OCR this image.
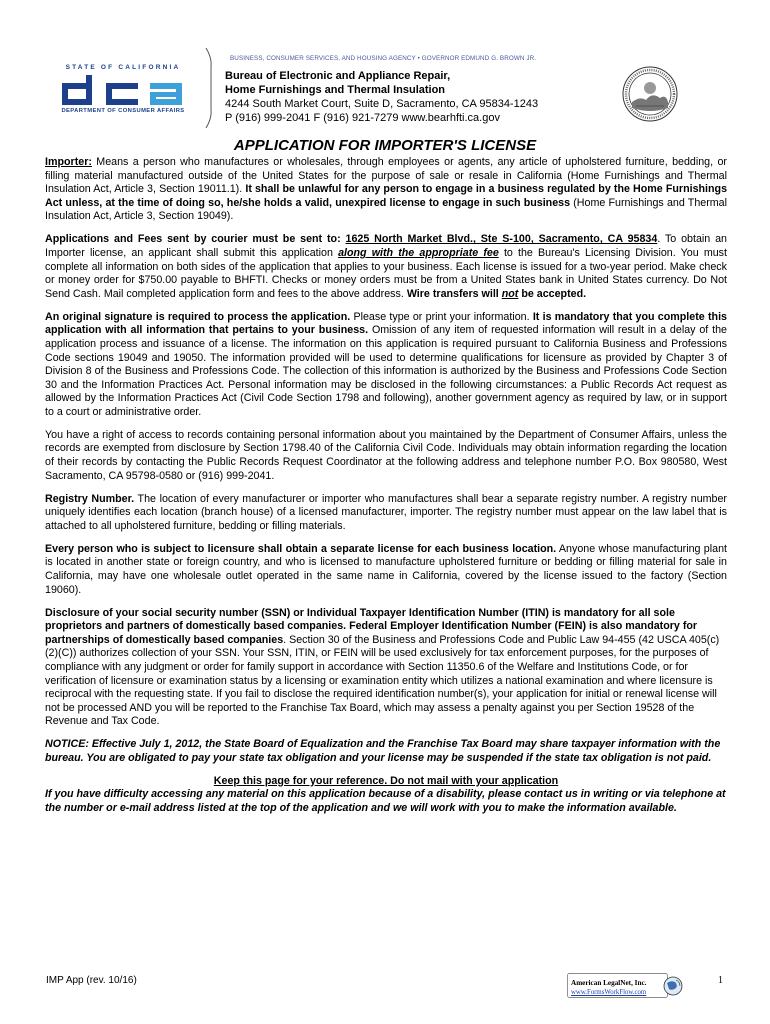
STATE OF CALIFORNIA
DEPARTMENT OF CONSUMER AFFAIRS
BUSINESS, CONSUMER SERVICES, AND HOUSING AGENCY • GOVERNOR EDMUND G. BROWN JR.
Bureau of Electronic and Appliance Repair,
Home Furnishings and Thermal Insulation
4244 South Market Court, Suite D, Sacramento, CA 95834-1243
P (916) 999-2041 F (916) 921-7279 www.bearhfti.ca.gov
APPLICATION FOR IMPORTER'S LICENSE

Importer: Means a person who manufactures or wholesales, through employees or agents, any article of upholstered furniture, bedding, or filling material manufactured outside of the United States for the purpose of sale or resale in California (Home Furnishings and Thermal Insulation Act, Article 3, Section 19011.1). It shall be unlawful for any person to engage in a business regulated by the Home Furnishings Act unless, at the time of doing so, he/she holds a valid, unexpired license to engage in such business (Home Furnishings and Thermal Insulation Act, Article 3, Section 19049).

Applications and Fees sent by courier must be sent to: 1625 North Market Blvd., Ste S-100, Sacramento, CA 95834. To obtain an Importer license, an applicant shall submit this application along with the appropriate fee to the Bureau's Licensing Division. You must complete all information on both sides of the application that applies to your business. Each license is issued for a two-year period. Make check or money order for $750.00 payable to BHFTI. Checks or money orders must be from a United States bank in United States currency. Do Not Send Cash. Mail completed application form and fees to the above address. Wire transfers will not be accepted.

An original signature is required to process the application. Please type or print your information. It is mandatory that you complete this application with all information that pertains to your business. Omission of any item of requested information will result in a delay of the application process and issuance of a license. The information on this application is required pursuant to California Business and Professions Code sections 19049 and 19050. The information provided will be used to determine qualifications for licensure as provided by Chapter 3 of Division 8 of the Business and Professions Code. The collection of this information is authorized by the Business and Professions Code Section 30 and the Information Practices Act. Personal information may be disclosed in the following circumstances: a Public Records Act request as allowed by the Information Practices Act (Civil Code Section 1798 and following), another government agency as required by law, or in support to a court or administrative order.

You have a right of access to records containing personal information about you maintained by the Department of Consumer Affairs, unless the records are exempted from disclosure by Section 1798.40 of the California Civil Code. Individuals may obtain information regarding the location of their records by contacting the Public Records Request Coordinator at the following address and telephone number P.O. Box 980580, West Sacramento, CA 95798-0580 or (916) 999-2041.

Registry Number. The location of every manufacturer or importer who manufactures shall bear a separate registry number. A registry number uniquely identifies each location (branch house) of a licensed manufacturer, importer. The registry number must appear on the law label that is attached to all upholstered furniture, bedding or filling materials.

Every person who is subject to licensure shall obtain a separate license for each business location. Anyone whose manufacturing plant is located in another state or foreign country, and who is licensed to manufacture upholstered furniture or bedding or filling material for sale in California, may have one wholesale outlet operated in the same name in California, covered by the license issued to the factory (Section 19060).

Disclosure of your social security number (SSN) or Individual Taxpayer Identification Number (ITIN) is mandatory for all sole proprietors and partners of domestically based companies. Federal Employer Identification Number (FEIN) is also mandatory for partnerships of domestically based companies. Section 30 of the Business and Professions Code and Public Law 94-455 (42 USCA 405(c)(2)(C)) authorizes collection of your SSN. Your SSN, ITIN, or FEIN will be used exclusively for tax enforcement purposes, for the purposes of compliance with any judgment or order for family support in accordance with Section 11350.6 of the Welfare and Institutions Code, or for verification of licensure or examination status by a licensing or examination entity which utilizes a national examination and where licensure is reciprocal with the requesting state. If you fail to disclose the required identification number(s), your application for initial or renewal license will not be processed AND you will be reported to the Franchise Tax Board, which may assess a penalty against you per Section 19528 of the Revenue and Tax Code.

NOTICE: Effective July 1, 2012, the State Board of Equalization and the Franchise Tax Board may share taxpayer information with the bureau. You are obligated to pay your state tax obligation and your license may be suspended if the state tax obligation is not paid.

Keep this page for your reference. Do not mail with your application

If you have difficulty accessing any material on this application because of a disability, please contact us in writing or via telephone at the number or e-mail address listed at the top of the application and we will work with you to make the information available.

IMP App (rev. 10/16)	American LegalNet, Inc.
www.FormsWorkFlow.com
1
